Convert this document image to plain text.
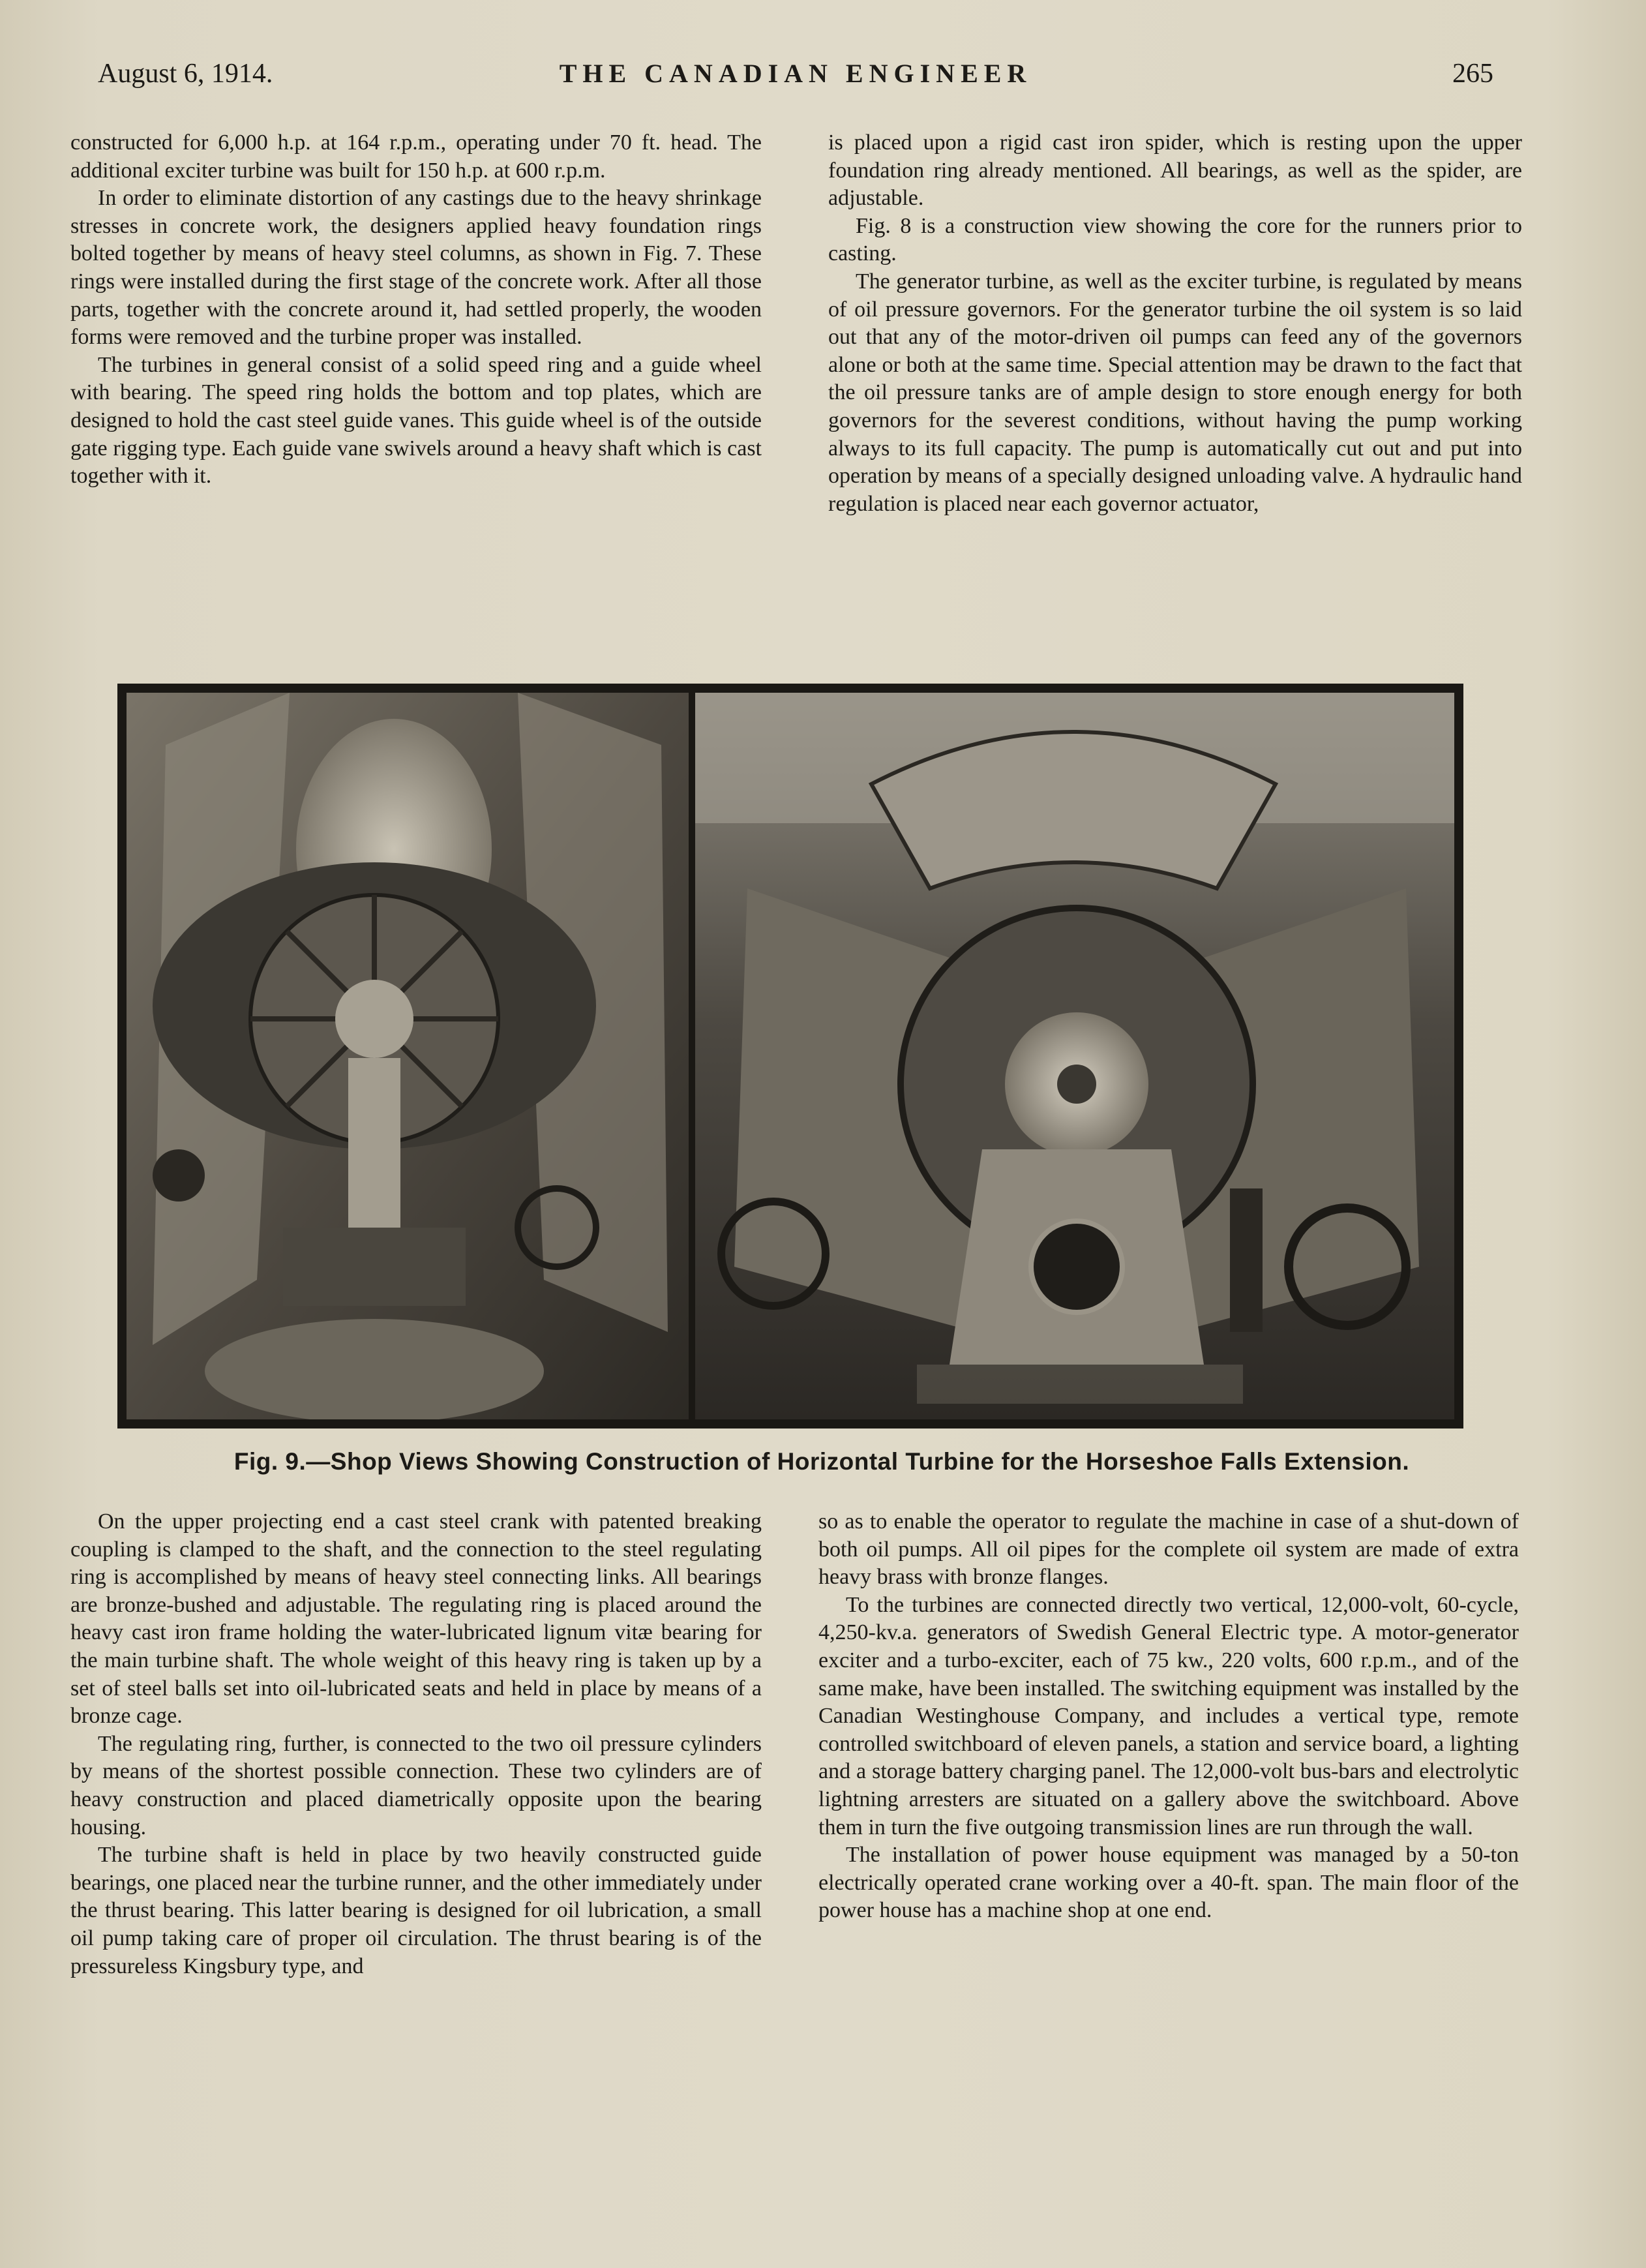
August 6, 1914.	THE CANADIAN ENGINEER	265

constructed for 6,000 h.p. at 164 r.p.m., operating under 70 ft. head. The additional exciter turbine was built for 150 h.p. at 600 r.p.m.

In order to eliminate distortion of any castings due to the heavy shrinkage stresses in concrete work, the designers applied heavy foundation rings bolted together by means of heavy steel columns, as shown in Fig. 7. These rings were installed during the first stage of the concrete work. After all those parts, together with the concrete around it, had settled properly, the wooden forms were removed and the turbine proper was installed.

The turbines in general consist of a solid speed ring and a guide wheel with bearing. The speed ring holds the bottom and top plates, which are designed to hold the cast steel guide vanes. This guide wheel is of the outside gate rigging type. Each guide vane swivels around a heavy shaft which is cast together with it.

is placed upon a rigid cast iron spider, which is resting upon the upper foundation ring already mentioned. All bearings, as well as the spider, are adjustable.

Fig. 8 is a construction view showing the core for the runners prior to casting.

The generator turbine, as well as the exciter turbine, is regulated by means of oil pressure governors. For the generator turbine the oil system is so laid out that any of the motor-driven oil pumps can feed any of the governors alone or both at the same time. Special attention may be drawn to the fact that the oil pressure tanks are of ample design to store enough energy for both governors for the severest conditions, without having the pump working always to its full capacity. The pump is automatically cut out and put into operation by means of a specially designed unloading valve. A hydraulic hand regulation is placed near each governor actuator,

Fig. 9.—Shop Views Showing Construction of Horizontal Turbine for the Horseshoe Falls Extension.

On the upper projecting end a cast steel crank with patented breaking coupling is clamped to the shaft, and the connection to the steel regulating ring is accomplished by means of heavy steel connecting links. All bearings are bronze-bushed and adjustable. The regulating ring is placed around the heavy cast iron frame holding the water-lubricated lignum vitæ bearing for the main turbine shaft. The whole weight of this heavy ring is taken up by a set of steel balls set into oil-lubricated seats and held in place by means of a bronze cage.

The regulating ring, further, is connected to the two oil pressure cylinders by means of the shortest possible connection. These two cylinders are of heavy construction and placed diametrically opposite upon the bearing housing.

The turbine shaft is held in place by two heavily constructed guide bearings, one placed near the turbine runner, and the other immediately under the thrust bearing. This latter bearing is designed for oil lubrication, a small oil pump taking care of proper oil circulation. The thrust bearing is of the pressureless Kingsbury type, and

so as to enable the operator to regulate the machine in case of a shut-down of both oil pumps. All oil pipes for the complete oil system are made of extra heavy brass with bronze flanges.

To the turbines are connected directly two vertical, 12,000-volt, 60-cycle, 4,250-kv.a. generators of Swedish General Electric type. A motor-generator exciter and a turbo-exciter, each of 75 kw., 220 volts, 600 r.p.m., and of the same make, have been installed. The switching equipment was installed by the Canadian Westinghouse Company, and includes a vertical type, remote controlled switchboard of eleven panels, a station and service board, a lighting and a storage battery charging panel. The 12,000-volt bus-bars and electrolytic lightning arresters are situated on a gallery above the switchboard. Above them in turn the five outgoing transmission lines are run through the wall.

The installation of power house equipment was managed by a 50-ton electrically operated crane working over a 40-ft. span. The main floor of the power house has a machine shop at one end.
